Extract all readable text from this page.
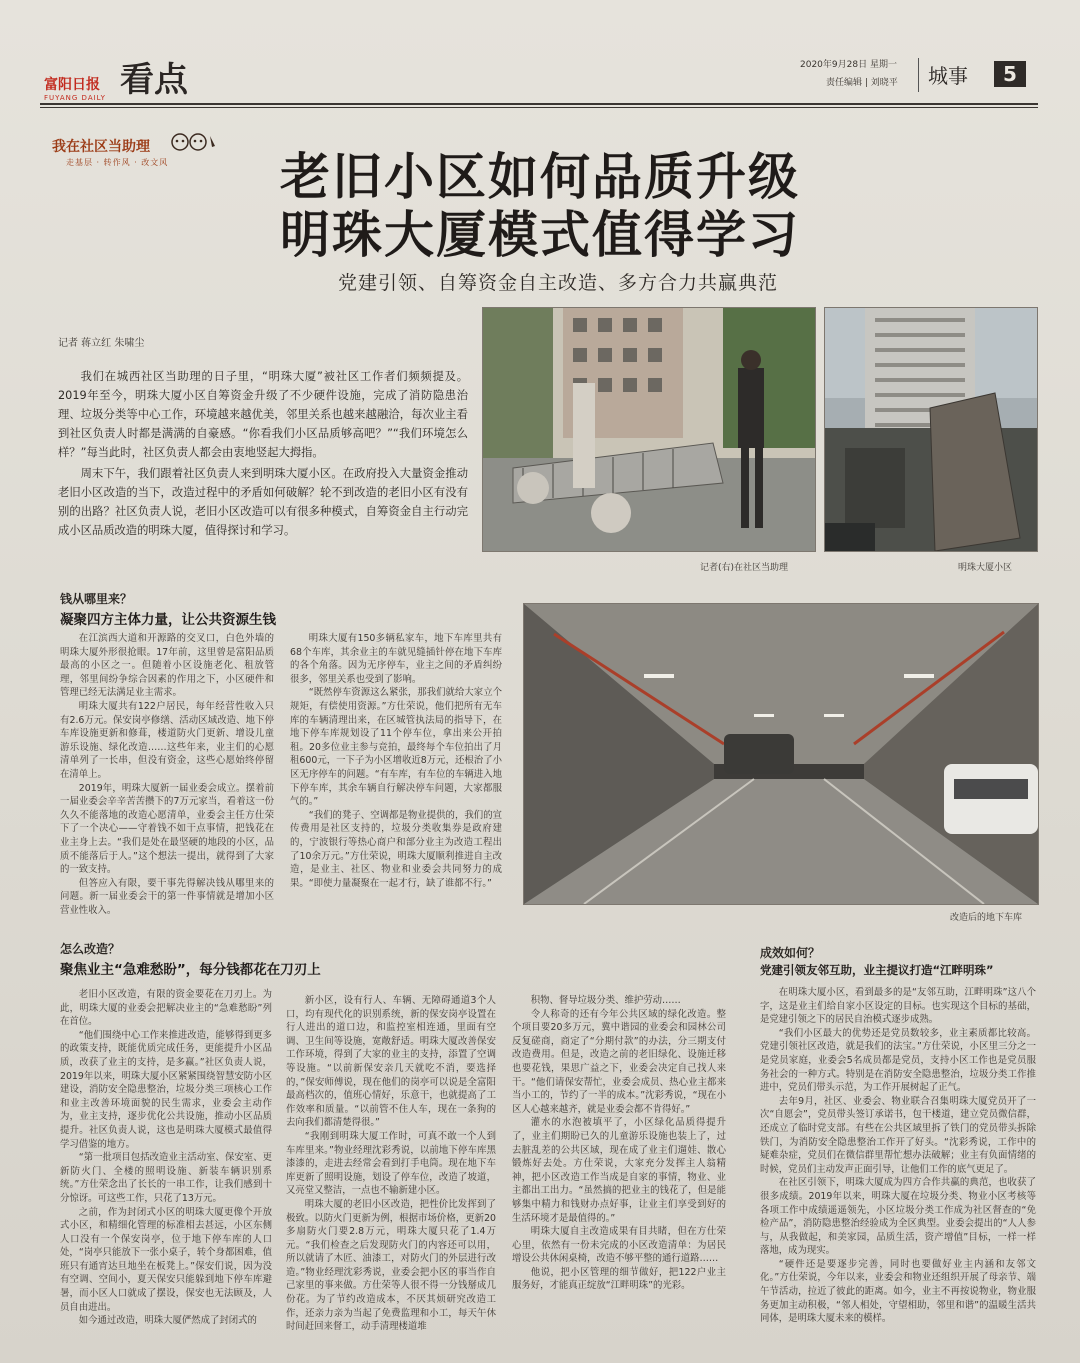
富阳日报
FUYANG DAILY 看点	2020年9月28日 星期一
责任编辑 | 刘晓平 城事	5
我在社区当助理
走基层 · 转作风 · 改文风 老旧小区如何品质升级
明珠大厦模式值得学习
党建引领、自筹资金自主改造、多方合力共赢典范
记者 蒋立红 朱啸尘

我们在城西社区当助理的日子里，“明珠大厦”被社区工作者们频频提及。2019年至今，明珠大厦小区自筹资金升级了不少硬件设施，完成了消防隐患治理、垃圾分类等中心工作，环境越来越优美，邻里关系也越来越融洽，每次业主看到社区负责人时都是满满的自豪感。“你看我们小区品质够高吧？”“我们环境怎么样？”每当此时，社区负责人都会由衷地竖起大拇指。

周末下午，我们跟着社区负责人来到明珠大厦小区。在政府投入大量资金推动老旧小区改造的当下，改造过程中的矛盾如何破解？轮不到改造的老旧小区有没有别的出路？社区负责人说，老旧小区改造可以有很多种模式，自筹资金自主行动完成小区品质改造的明珠大厦，值得探讨和学习。

记者(右)在社区当助理	明珠大厦小区
钱从哪里来？
凝聚四方主体力量，让公共资源生钱

在江滨西大道和开源路的交叉口，白色外墙的明珠大厦外形很抢眼。17年前，这里曾是富阳品质最高的小区之一。但随着小区设施老化、租放管理，邻里间纷争综合因素的作用之下，小区硬件和管理已经无法满足业主需求。

明珠大厦共有122户居民，每年经营性收入只有2.6万元。保安岗亭修缮、活动区域改造、地下停车库设施更新和修葺，楼道防火门更新、增设儿童游乐设施、绿化改造……这些年来，业主们的心愿清单列了一长串，但没有资金，这些心愿始终停留在清单上。

2019年，明珠大厦新一届业委会成立。摆着前一届业委会辛辛苦苦攒下的7万元家当，看着这一份久久不能落地的改造心愿清单，业委会主任方仕荣下了一个决心——守着钱不如干点事情，把钱花在业主身上去。“我们是处在最坚硬的地段的小区，品质不能落后于人。”这个想法一提出，就得到了大家的一致支持。

但答应入有限，要干事先得解决钱从哪里来的问题。新一届业委会干的第一件事情就是增加小区营业性收入。

明珠大厦有150多辆私家车，地下车库里共有68个车库，其余业主的车就见缝插针停在地下车库的各个角落。因为无序停车，业主之间的矛盾纠纷很多，邻里关系也受到了影响。

“既然停车资源这么紧张，那我们就给大家立个规矩，有偿使用资源。”方仕荣说，他们把所有无车库的车辆清理出来，在区城管执法局的指导下，在地下停车库规划设了11个停车位，拿出来公开拍租。20多位业主参与竞拍，最终每个车位拍出了月租600元，一下子为小区增收近8万元，还根治了小区无序停车的问题。“有车库，有车位的车辆进入地下停车库，其余车辆自行解决停车问题，大家都服气的。”

“我们的凳子、空调都是物业提供的，我们的宣传费用是社区支持的，垃圾分类收集券是政府建的，宁波银行等热心商户和部分业主为改造工程出了10余万元。”方仕荣说，明珠大厦顺利推进自主改造，是业主、社区、物业和业委会共同努力的成果。“即使力量凝聚在一起才行，缺了谁都不行。”

改造后的地下车库
怎么改造？
聚焦业主“急难愁盼”，每分钱都花在刀刃上

老旧小区改造，有限的资金要花在刀刃上。为此，明珠大厦的业委会把解决业主的“急难愁盼”列在首位。

“他们围绕中心工作来推进改造，能够得到更多的政策支持，既能优质完成任务，更能提升小区品质，改获了业主的支持，是多赢。”社区负责人说，2019年以来，明珠大厦小区紧紧围绕智慧安防小区建设，消防安全隐患整治，垃圾分类三项核心工作和业主改善环境面貌的民生需求，业委会主动作为，业主支持，逐步优化公共设施，推动小区品质提升。社区负责人说，这也是明珠大厦模式最值得学习借鉴的地方。

“第一批项目包括改造业主活动室、保安室、更新防火门、全楼的照明设施、新装车辆识别系统。”方仕荣念出了长长的一串工作，让我们感到十分惊讶。可这些工作，只花了13万元。

之前，作为封闭式小区的明珠大厦更像个开放式小区，和精细化管理的标准相去甚远，小区东侧人口没有一个保安岗亭，位于地下停车库的人口处，“岗亭只能放下一张小桌子，转个身都困难，值班只有通宵达旦地坐在板凳上。”保安们说，因为没有空调、空间小，夏天保安只能躲到地下停车库避暑，而小区人口就成了摆设，保安也无法顾及，人员自由进出。

如今通过改造，明珠大厦俨然成了封闭式的

新小区，设有行人、车辆、无障碍通道3个人口，均有现代化的识别系统，新的保安岗亭设置在行人进出的道口边，和监控室相连通，里面有空调、卫生间等设施，宽敞舒适。明珠大厦改善保安工作环境，得到了大家的业主的支持，添置了空调等设施。“以前新保安亲几天就吃不消，要选择的，”保安师傅说，现在他们的岗亭可以说是全富阳最高档次的，值班心情好，乐意干，也就提高了工作效率和质量。“以前管不住人车，现在一条狗的去向我们都清楚得很。”

“我刚到明珠大厦工作时，可真不敢一个人到车库里来。”物业经理沈彩秀说，以前地下停车库黑漆漆的，走进去经常会看到打手电筒。现在地下车库更新了照明设施，划设了停车位，改造了坡道，又亮堂又整洁，一点也不输新建小区。

明珠大厦的老旧小区改造，把性价比发挥到了极致。以防火门更新为例，根据市场价格，更新20多扇防火门要2.8万元，明珠大厦只花了1.4万元。“我们检查之后发现防火门的内容还可以用，所以就请了木匠、油漆工，对防火门的外层进行改造。”物业经理沈彩秀说，业委会把小区的事当作自己家里的事来做。方仕荣等人很不得一分钱掰成几份花。为了节约改造成本，不厌其烦研究改造工作，还亲力亲为当起了免费监理和小工，每天午休时间赶回来督工，动手清理楼道堆

积物、督导垃圾分类、维护劳动……

令人称奇的还有今年公共区域的绿化改造。整个项目要20多万元，冀中谐园的业委会和园林公司反复磋商，商定了“分期付款”的办法，分三期支付改造费用。但是，改造之前的老旧绿化、设施迁移也要花钱，果思广益之下，业委会决定自己找人来干。“他们请保安帮忙，业委会成员、热心业主都来当小工的，节约了一半的成本。”沈彩秀说，“现在小区人心越来越齐，就是业委会都不肯得好。”

灌水的水泡被填平了，小区绿化品质得提升了，业主们期盼已久的儿童游乐设施也装上了，过去脏乱差的公共区域，现在成了业主们遛娃、散心锻炼好去处。方仕荣说，大家充分发挥主人翁精神，把小区改造工作当成是自家的事情，物业、业主都出工出力。“虽然搞的把业主的钱花了，但是能够集中精力和钱财办点好事，让业主们享受到好的生活环境才是最值得的。”

明珠大厦自主改造成果有目共睹，但在方仕荣心里，依然有一份未完成的小区改造清单：为居民增设公共休闲桌椅，改造不够平整的通行道路……

他说，把小区管理的细节做好，把122户业主服务好，才能真正绽放“江畔明珠”的光彩。

成效如何？
党建引领友邻互助，业主提议打造“江畔明珠”

在明珠大厦小区，看到最多的是“友邻互助，江畔明珠”这八个字，这是业主们给自家小区设定的目标。也实现这个目标的基础，是党建引领之下的居民自治模式逐步成熟。

“我们小区最大的优势还是党员数较多，业主素质都比较高。党建引领社区改造，就是我们的法宝。”方仕荣说，小区里三分之一是党员家庭，业委会5名成员都是党员，支持小区工作也是党员服务社会的一种方式。特别是在消防安全隐患整治，垃圾分类工作推进中，党员们带头示范，为工作开展树起了正气。

去年9月，社区、业委会、物业联合召集明珠大厦党员开了一次“自愿会”，党员带头签订承诺书，包干楼道，建立党员微信群，还成立了临时党支部。有些在公共区域里拆了铁门的党员带头拆除铁门，为消防安全隐患整治工作开了好头。“沈彩秀说，工作中的疑难杂症，党员们在微信群里帮忙想办法破解；业主有负面情绪的时候，党员们主动发声正面引导，让他们工作的底气更足了。

在社区引领下，明珠大厦成为四方合作共赢的典范，也收获了很多成绩。2019年以来，明珠大厦在垃圾分类、物业小区考核等各项工作中成绩遥遥领先，小区垃圾分类工作成为社区督查的“免检产品”，消防隐患整治经验成为全区典型。业委会提出的“人人参与，从我做起，和美家园，品质生活，资产增值”目标，一样一样落地，成为现实。

“硬件还是要逐步完善，同时也要做好业主内涵和友邻文化。”方仕荣说，今年以来，业委会和物业还组织开展了母亲节、端午节活动，拉近了彼此的距离。如今，业主不再按说物业，物业服务更加主动积极，“邻人相处，守望相助，邻里和谐”的温暖生活共同体，是明珠大厦未来的模样。
